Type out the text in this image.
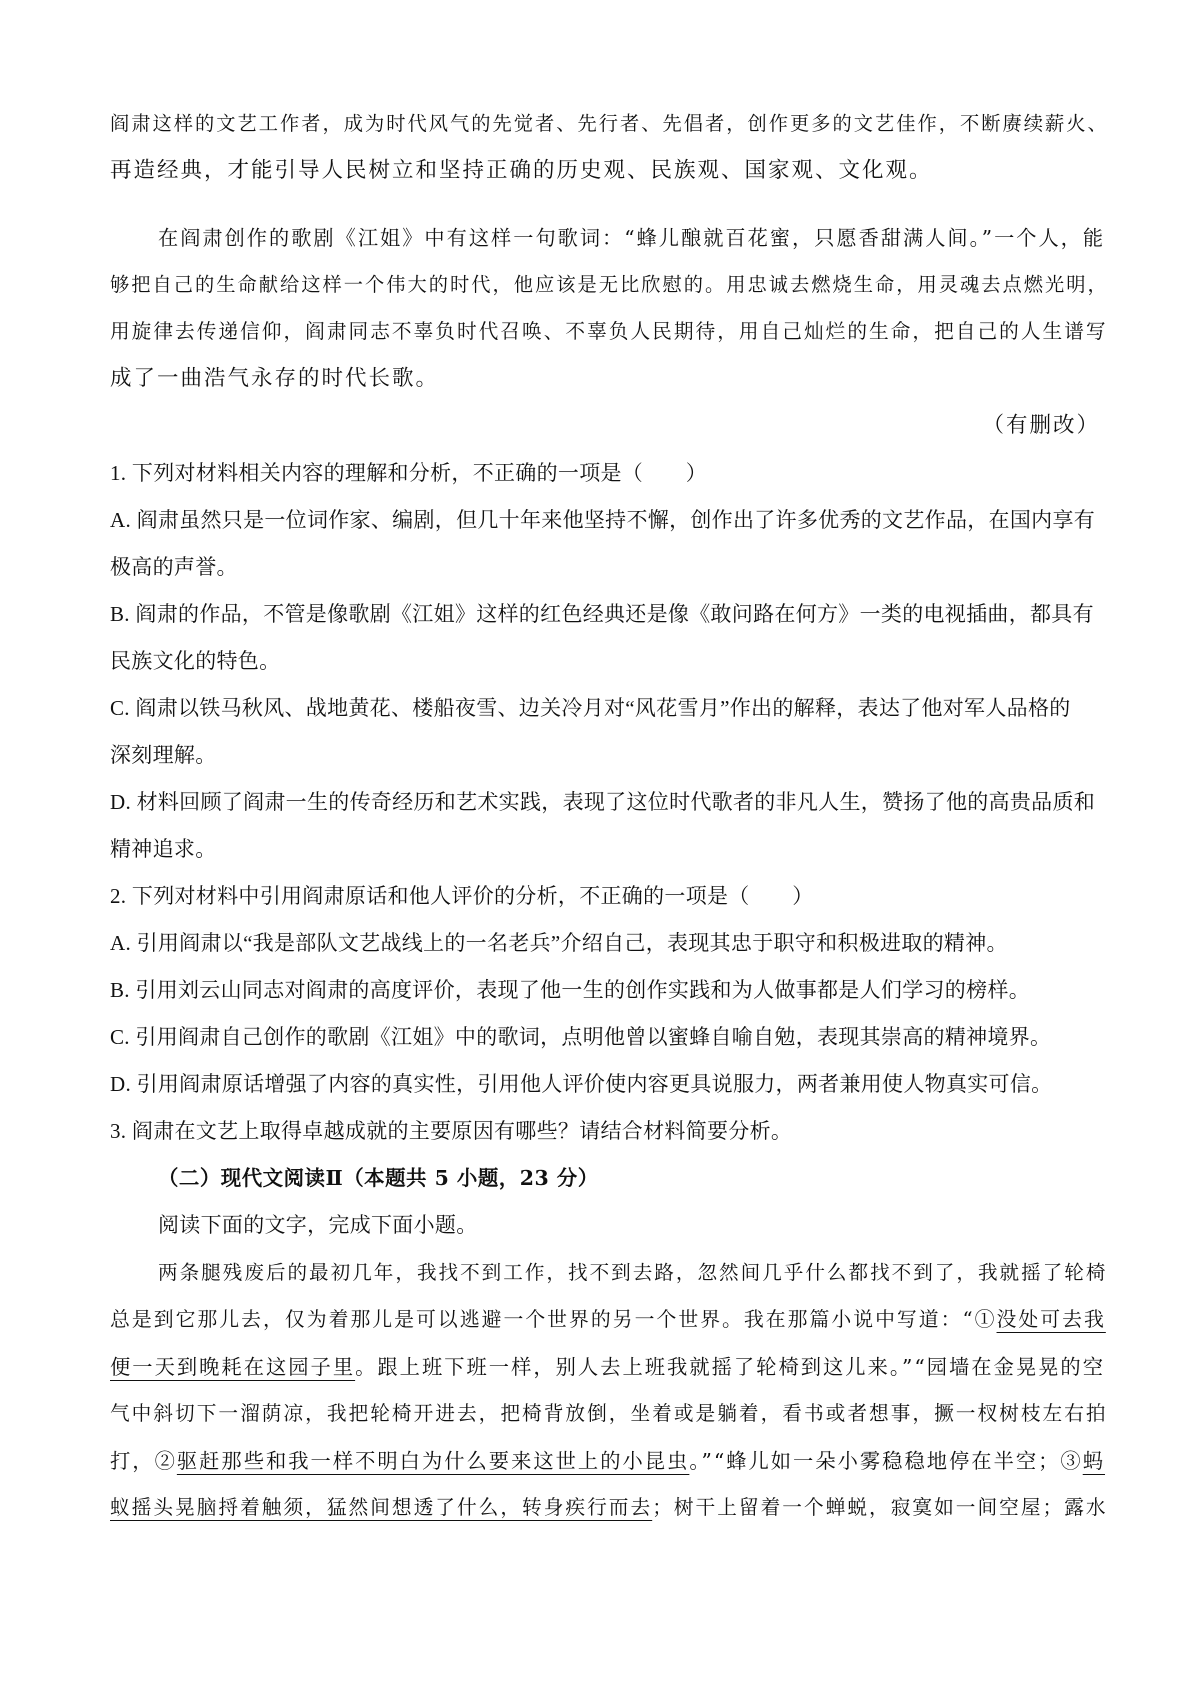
阎肃这样的文艺工作者，成为时代风气的先觉者、先行者、先倡者，创作更多的文艺佳作，不断赓续薪火、
再造经典，才能引导人民树立和坚持正确的历史观、民族观、国家观、文化观。
在阎肃创作的歌剧《江姐》中有这样一句歌词：“蜂儿酿就百花蜜，只愿香甜满人间。”一个人，能
够把自己的生命献给这样一个伟大的时代，他应该是无比欣慰的。用忠诚去燃烧生命，用灵魂去点燃光明，
用旋律去传递信仰，阎肃同志不辜负时代召唤、不辜负人民期待，用自己灿烂的生命，把自己的人生谱写
成了一曲浩气永存的时代长歌。
（有删改）
1. 下列对材料相关内容的理解和分析，不正确的一项是（　　）
A. 阎肃虽然只是一位词作家、编剧，但几十年来他坚持不懈，创作出了许多优秀的文艺作品，在国内享有
极高的声誉。
B. 阎肃的作品，不管是像歌剧《江姐》这样的红色经典还是像《敢问路在何方》一类的电视插曲，都具有
民族文化的特色。
C. 阎肃以铁马秋风、战地黄花、楼船夜雪、边关冷月对“风花雪月”作出的解释，表达了他对军人品格的
深刻理解。
D. 材料回顾了阎肃一生的传奇经历和艺术实践，表现了这位时代歌者的非凡人生，赞扬了他的高贵品质和
精神追求。
2. 下列对材料中引用阎肃原话和他人评价的分析，不正确的一项是（　　）
A. 引用阎肃以“我是部队文艺战线上的一名老兵”介绍自己，表现其忠于职守和积极进取的精神。
B. 引用刘云山同志对阎肃的高度评价，表现了他一生的创作实践和为人做事都是人们学习的榜样。
C. 引用阎肃自己创作的歌剧《江姐》中的歌词，点明他曾以蜜蜂自喻自勉，表现其崇高的精神境界。
D. 引用阎肃原话增强了内容的真实性，引用他人评价使内容更具说服力，两者兼用使人物真实可信。
3. 阎肃在文艺上取得卓越成就的主要原因有哪些？请结合材料简要分析。
（二）现代文阅读Ⅱ（本题共 5 小题，23 分）
阅读下面的文字，完成下面小题。
两条腿残废后的最初几年，我找不到工作，找不到去路，忽然间几乎什么都找不到了，我就摇了轮椅
总是到它那儿去，仅为着那儿是可以逃避一个世界的另一个世界。我在那篇小说中写道：“①没处可去我
便一天到晚耗在这园子里。跟上班下班一样，别人去上班我就摇了轮椅到这儿来。”“园墙在金晃晃的空
气中斜切下一溜荫凉，我把轮椅开进去，把椅背放倒，坐着或是躺着，看书或者想事，撅一杈树枝左右拍
打，②驱赶那些和我一样不明白为什么要来这世上的小昆虫。”“蜂儿如一朵小雾稳稳地停在半空；③蚂
蚁摇头晃脑捋着触须，猛然间想透了什么，转身疾行而去；树干上留着一个蝉蜕，寂寞如一间空屋；露水
